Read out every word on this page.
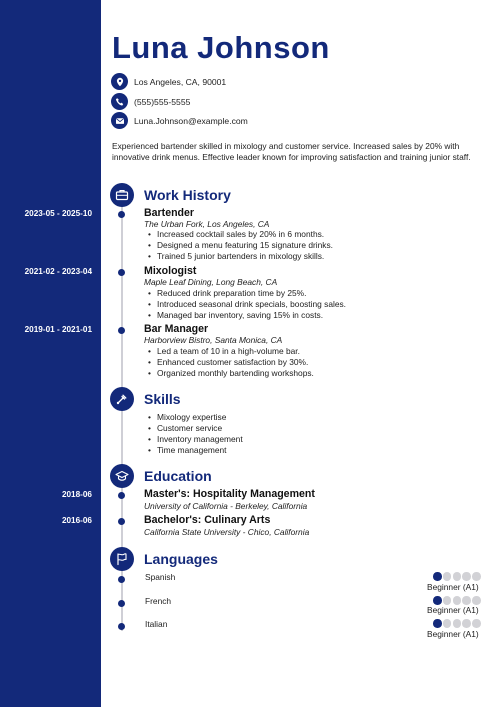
Luna Johnson
Los Angeles, CA, 90001
(555)555-5555
Luna.Johnson@example.com
Experienced bartender skilled in mixology and customer service. Increased sales by 20% with innovative drink menus. Effective leader known for improving satisfaction and training junior staff.
Work History
2023-05 - 2025-10	Bartender
The Urban Fork, Los Angeles, CA
• Increased cocktail sales by 20% in 6 months.
• Designed a menu featuring 15 signature drinks.
• Trained 5 junior bartenders in mixology skills.
2021-02 - 2023-04	Mixologist
Maple Leaf Dining, Long Beach, CA
• Reduced drink preparation time by 25%.
• Introduced seasonal drink specials, boosting sales.
• Managed bar inventory, saving 15% in costs.
2019-01 - 2021-01	Bar Manager
Harborview Bistro, Santa Monica, CA
• Led a team of 10 in a high-volume bar.
• Enhanced customer satisfaction by 30%.
• Organized monthly bartending workshops.
Skills
• Mixology expertise
• Customer service
• Inventory management
• Time management
Education
2018-06	Master's: Hospitality Management
University of California - Berkeley, California
2016-06	Bachelor's: Culinary Arts
California State University - Chico, California
Languages
Spanish
Beginner (A1)
French
Beginner (A1)
Italian
Beginner (A1)
